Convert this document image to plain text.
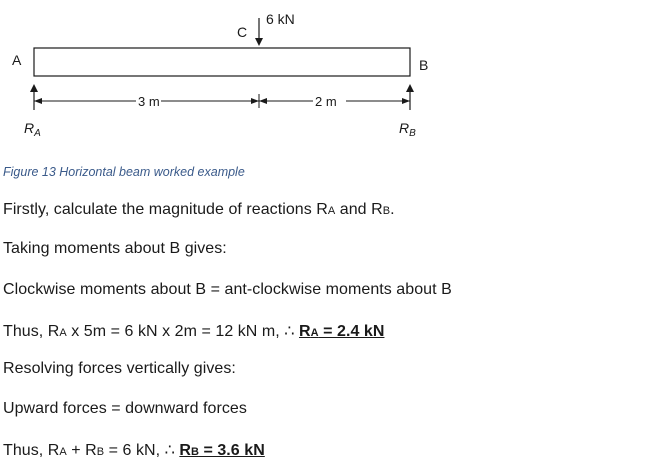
C
6 kN
A	B
3 m	2 m
$R_A$	$R_B$
Figure 13 Horizontal beam worked example
Firstly, calculate the magnitude of reactions RA and RB.
Taking moments about B gives:
Clockwise moments about B = ant-clockwise moments about B
Thus, RA x 5m = 6 kN x 2m = 12 kN m, ∴ RA = 2.4 kN
Resolving forces vertically gives:
Upward forces = downward forces
Thus, RA + RB = 6 kN, ∴ RB = 3.6 kN
